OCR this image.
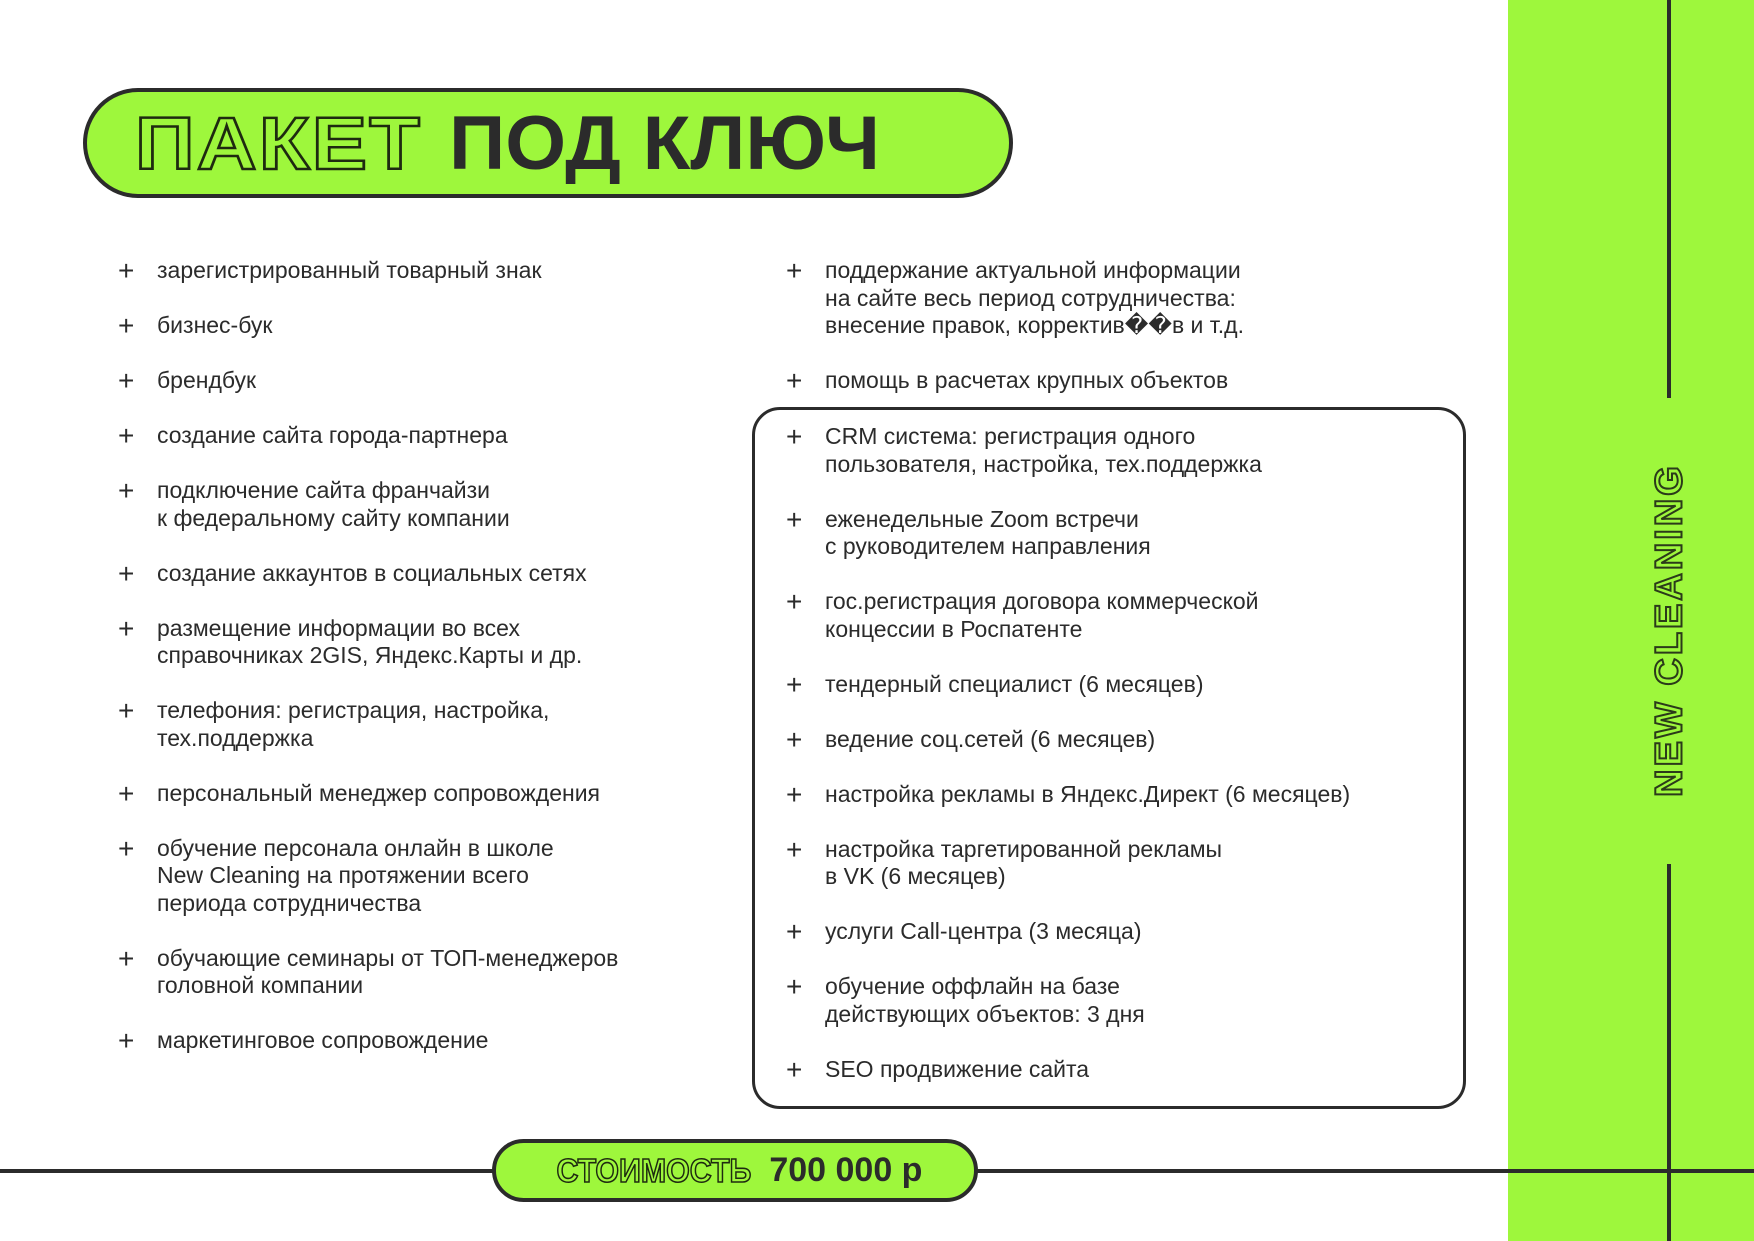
NEW CLEANING
ПАКЕТ ПОД КЛЮЧ
+ зарегистрированный товарный знак
+ бизнес-бук
+ брендбук
+ создание сайта города-партнера
+ подключение сайта франчайзи
к федеральному сайту компании
+ создание аккаунтов в социальных сетях
+ размещение информации во всех
справочниках 2GIS, Яндекс.Карты и др.
+ телефония: регистрация, настройка,
тех.поддержка
+ персональный менеджер сопровождения
+ обучение персонала онлайн в школе
New Cleaning на протяжении всего
периода сотрудничества
+ обучающие семинары от ТОП-менеджеров
головной компании
+ маркетинговое сопровождение
+ поддержание актуальной информации
на сайте весь период сотрудничества:
внесение правок, корректив��в и т.д.
+ помощь в расчетах крупных объектов
+ CRM система: регистрация одного
пользователя, настройка, тех.поддержка
+ еженедельные Zoom встречи
с руководителем направления
+ гос.регистрация договора коммерческой
концессии в Роспатенте
+ тендерный специалист (6 месяцев)
+ ведение соц.сетей (6 месяцев)
+ настройка рекламы в Яндекс.Директ (6 месяцев)
+ настройка таргетированной рекламы
в VK (6 месяцев)
+ услуги Call-центра (3 месяца)
+ обучение оффлайн на базе
действующих объектов: 3 дня
+ SEO продвижение сайта
СТОИМОСТЬ 700 000 р
